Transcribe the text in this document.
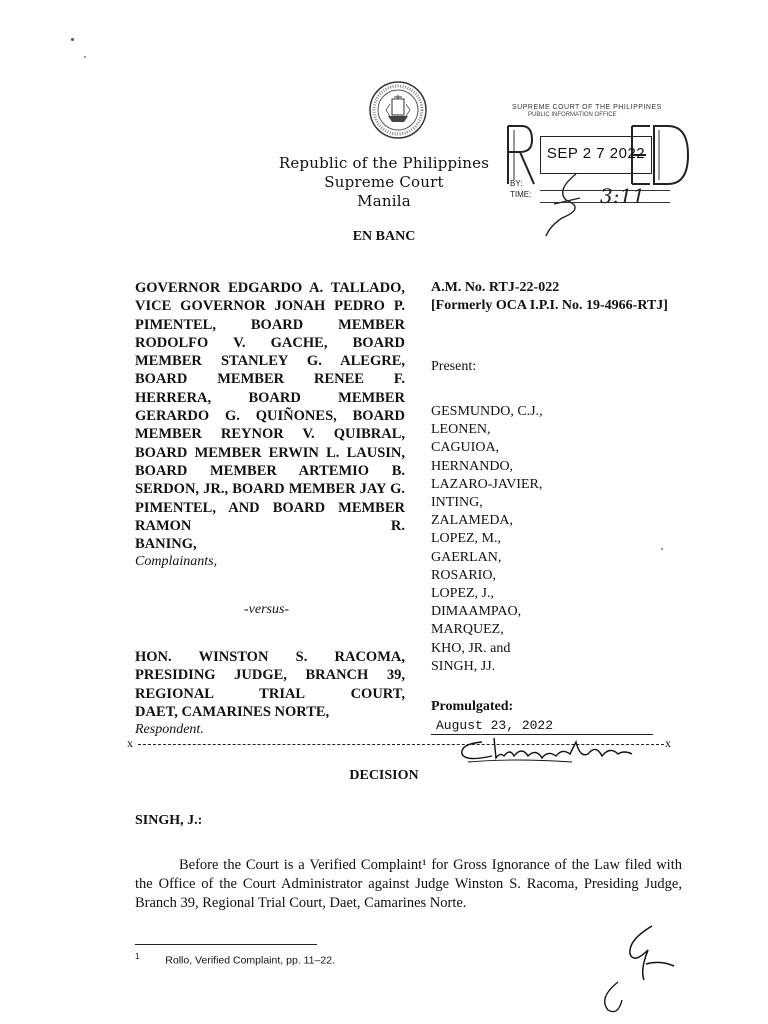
Republic of the Philippines
Supreme Court
Manila
SUPREME COURT OF THE PHILIPPINES
PUBLIC INFORMATION OFFICE
SEP 2 7 2022
BY:
TIME:	3:11
EN BANC
GOVERNOR EDGARDO A. TALLADO, VICE GOVERNOR JONAH PEDRO P. PIMENTEL, BOARD MEMBER RODOLFO V. GACHE, BOARD MEMBER STANLEY G. ALEGRE, BOARD MEMBER RENEE F. HERRERA, BOARD MEMBER GERARDO G. QUIÑONES, BOARD MEMBER REYNOR V. QUIBRAL, BOARD MEMBER ERWIN L. LAUSIN, BOARD MEMBER ARTEMIO B. SERDON, JR., BOARD MEMBER JAY G. PIMENTEL, AND BOARD MEMBER RAMON R.
BANING,
Complainants,
-versus-
HON. WINSTON S. RACOMA, PRESIDING JUDGE, BRANCH 39, REGIONAL TRIAL COURT,
DAET, CAMARINES NORTE,
Respondent.
A.M. No. RTJ-22-022
[Formerly OCA I.P.I. No. 19-4966-RTJ]
Present:
GESMUNDO, C.J.,
LEONEN,
CAGUIOA,
HERNANDO,
LAZARO-JAVIER,
INTING,
ZALAMEDA,
LOPEZ, M.,
GAERLAN,
ROSARIO,
LOPEZ, J.,
DIMAAMPAO,
MARQUEZ,
KHO, JR. and
SINGH, JJ.
Promulgated:
August 23, 2022
x	x
DECISION
SINGH, J.:
Before the Court is a Verified Complaint¹ for Gross Ignorance of the Law filed with the Office of the Court Administrator against Judge Winston S. Racoma, Presiding Judge, Branch 39, Regional Trial Court, Daet, Camarines Norte.
$^1$ Rollo, Verified Complaint, pp. 11–22.
